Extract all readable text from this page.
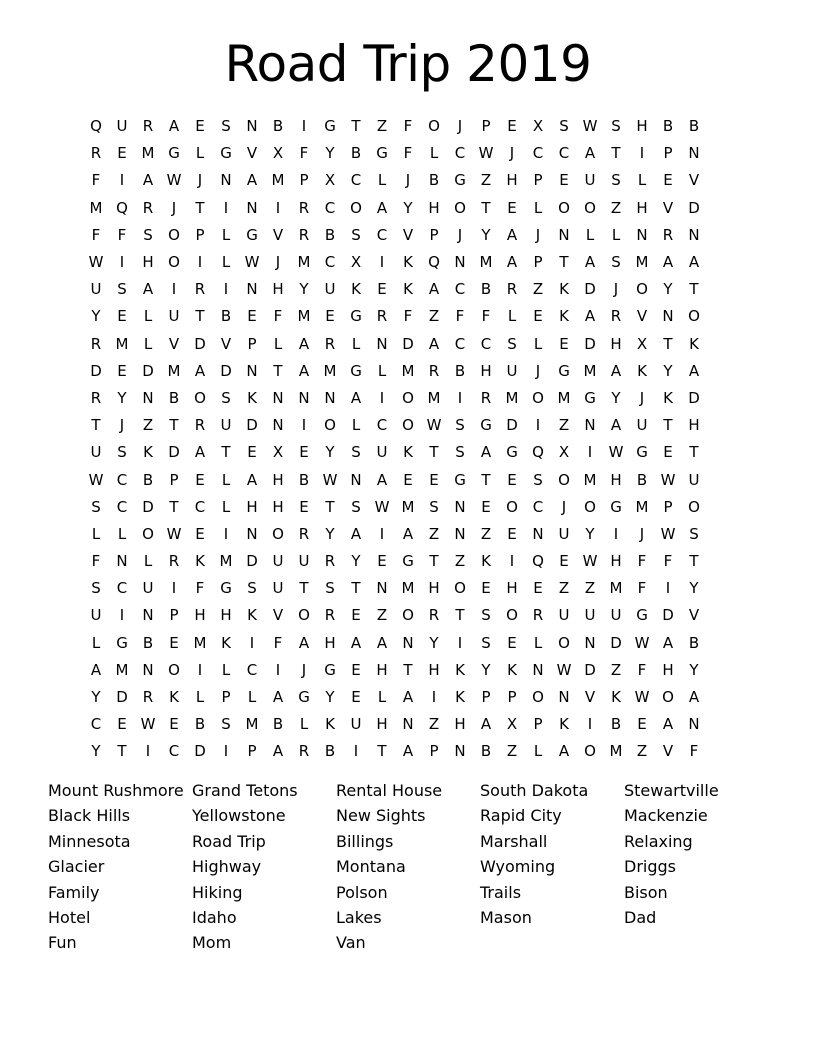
Road Trip 2019
Q U	R	A	E	S	N	B	I	G	T	Z	F	O	J	P	E	X	S W S	H	B	B
R	E M G	L	G	V	X	F	Y	B	G	F	L	C W	J	C	C	A	T	I	P	N
F	I	A W	J	N	A M	P	X	C	L	J	B	G	Z	H	P	E	U	S	L	E	V
M Q R	J	T	I	N	I	R	C O A	Y	H O	T	E	L	O O Z	H	V	D
F	F	S	O	P	L	G	V	R	B	S	C	V	P	J	Y	A	J	N	L	L	N	R	N
W	I	H O	I	L W	J	M C	X	I	K	Q N M A	P	T	A	S M A	A
U	S	A	I	R	I	N H	Y	U	K	E	K	A	C	B	R	Z	K	D	J	O	Y	T
Y	E	L	U	T	B	E	F	M E	G R	F	Z	F	F	L	E	K	A	R	V	N O
R M	L	V	D	V	P	L	A	R	L	N D	A	C	C	S	L	E	D H	X	T	K
D	E	D M A	D N	T	A M G	L	M R	B	H U	J	G M A	K	Y	A
R	Y	N	B O	S	K	N N N	A	I	O M	I	R M O M G	Y	J	K	D
T	J	Z	T	R	U D N	I	O	L	C O W S	G D	I	Z	N	A	U	T	H
U	S	K	D	A	T	E	X	E	Y	S	U	K	T	S	A	G Q X	I	W G	E	T
W C	B	P	E	L	A	H	B W N	A	E	E	G	T	E	S	O M H	B W U
S	C D	T	C	L	H H	E	T	S W M S	N	E	O C	J	O G M	P	O
L	L	O W E	I	N O R	Y	A	I	A	Z	N	Z	E	N U	Y	I	J	W S
F	N	L	R	K M D U	U	R	Y	E	G	T	Z	K	I	Q	E W H	F	F	T
S	C	U	I	F	G	S	U	T	S	T	N M H O	E	H	E	Z	Z M	F	I	Y
U	I	N	P	H H	K	V O R	E	Z O R	T	S	O R	U	U	U G D	V
L	G	B	E M K	I	F	A	H	A	A	N	Y	I	S	E	L	O N D W A	B
A M N O	I	L	C	I	J	G	E	H	T	H	K	Y	K	N W D	Z	F	H	Y
Y	D	R	K	L	P	L	A	G	Y	E	L	A	I	K	P	P	O N	V	K W O A
C	E W E	B	S M B	L	K	U H N	Z	H	A	X	P	K	I	B	E	A	N
Y	T	I	C D	I	P	A	R	B	I	T	A	P	N	B	Z	L	A O M Z	V	F
Mount Rushmore
Black Hills
Minnesota
Glacier
Family
Hotel
Fun
Grand Tetons
Yellowstone
Road Trip
Highway
Hiking
Idaho
Mom
Rental House
New Sights
Billings
Montana
Polson
Lakes
Van
South Dakota
Rapid City
Marshall
Wyoming
Trails
Mason
Stewartville
Mackenzie
Relaxing
Driggs
Bison
Dad
